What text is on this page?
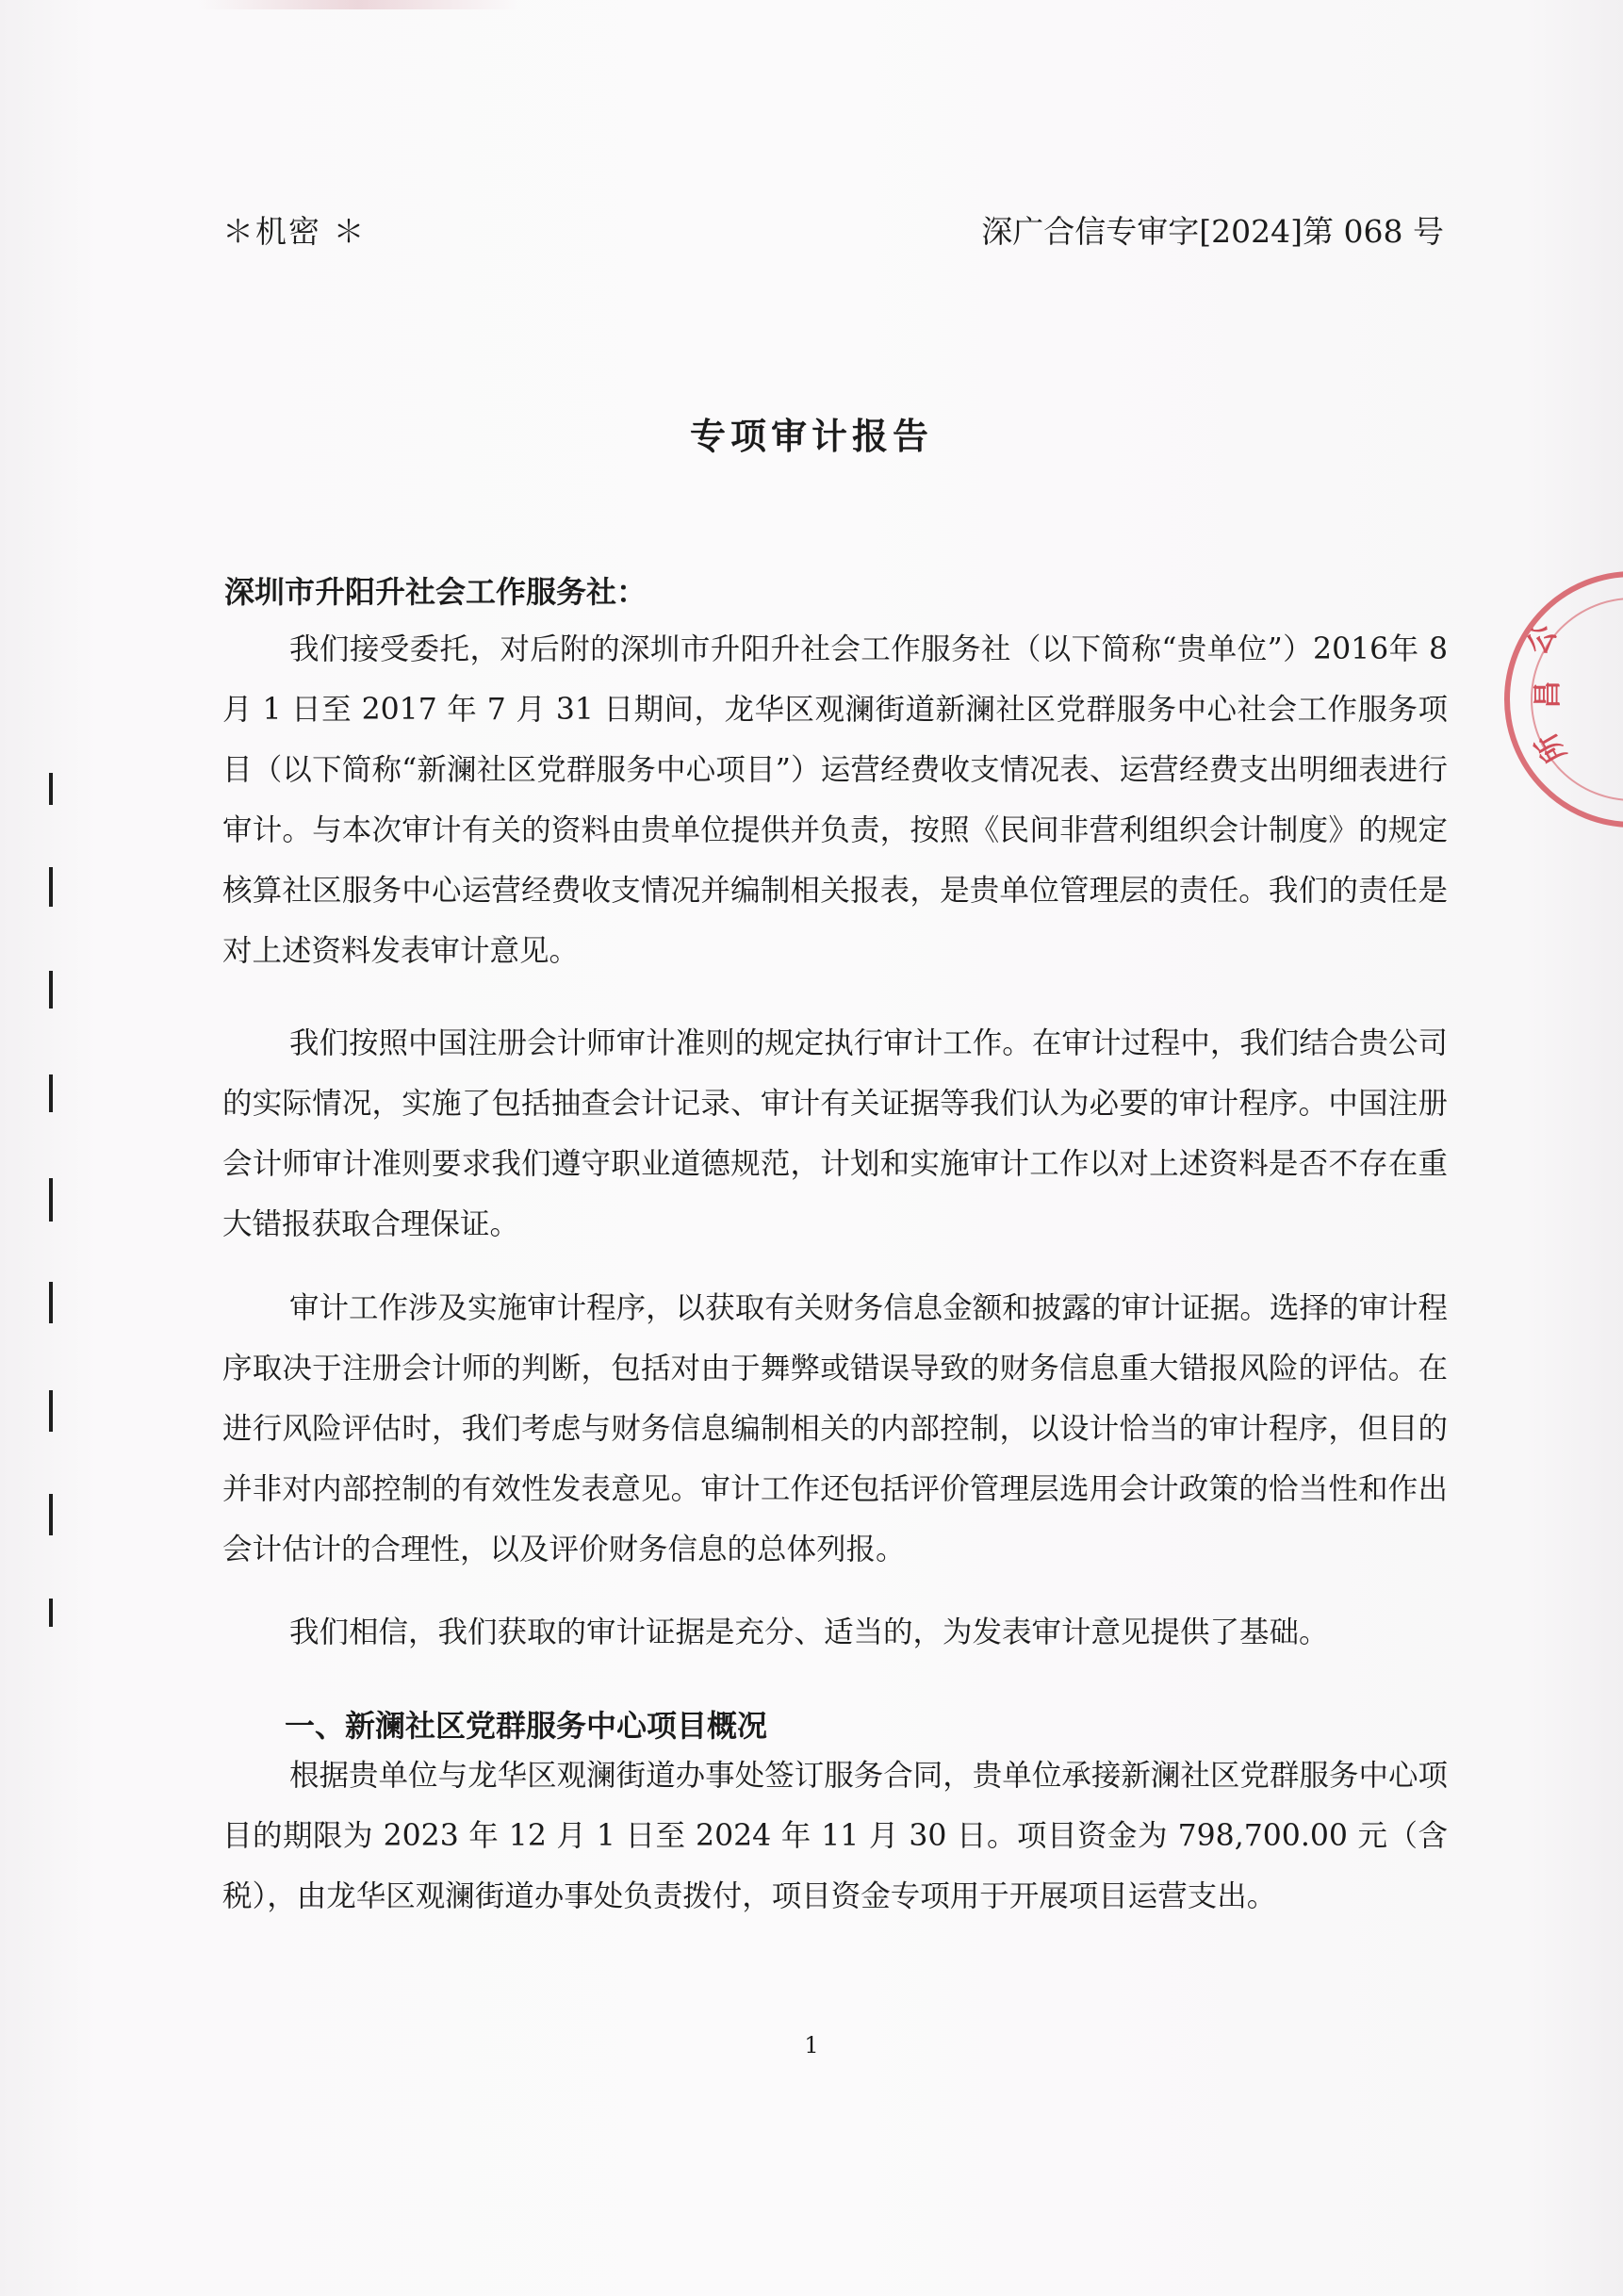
＊机密 ＊	深广合信专审字[2024]第 068 号
专项审计报告
深圳市升阳升社会工作服务社：

我们接受委托，对后附的深圳市升阳升社会工作服务社（以下简称“贵单位”）2016年 8 月 1 日至 2017 年 7 月 31 日期间，龙华区观澜街道新澜社区党群服务中心社会工作服务项目（以下简称“新澜社区党群服务中心项目”）运营经费收支情况表、运营经费支出明细表进行审计。与本次审计有关的资料由贵单位提供并负责，按照《民间非营利组织会计制度》的规定核算社区服务中心运营经费收支情况并编制相关报表，是贵单位管理层的责任。我们的责任是对上述资料发表审计意见。

我们按照中国注册会计师审计准则的规定执行审计工作。在审计过程中，我们结合贵公司的实际情况，实施了包括抽查会计记录、审计有关证据等我们认为必要的审计程序。中国注册会计师审计准则要求我们遵守职业道德规范，计划和实施审计工作以对上述资料是否不存在重大错报获取合理保证。

审计工作涉及实施审计程序，以获取有关财务信息金额和披露的审计证据。选择的审计程序取决于注册会计师的判断，包括对由于舞弊或错误导致的财务信息重大错报风险的评估。在进行风险评估时，我们考虑与财务信息编制相关的内部控制，以设计恰当的审计程序，但目的并非对内部控制的有效性发表意见。审计工作还包括评价管理层选用会计政策的恰当性和作出会计估计的合理性，以及评价财务信息的总体列报。

我们相信，我们获取的审计证据是充分、适当的，为发表审计意见提供了基础。

一、新澜社区党群服务中心项目概况

根据贵单位与龙华区观澜街道办事处签订服务合同，贵单位承接新澜社区党群服务中心项目的期限为 2023 年 12 月 1 日至 2024 年 11 月 30 日。项目资金为 798,700.00 元（含税），由龙华区观澜街道办事处负责拨付，项目资金专项用于开展项目运营支出。

1
公
昌
所
